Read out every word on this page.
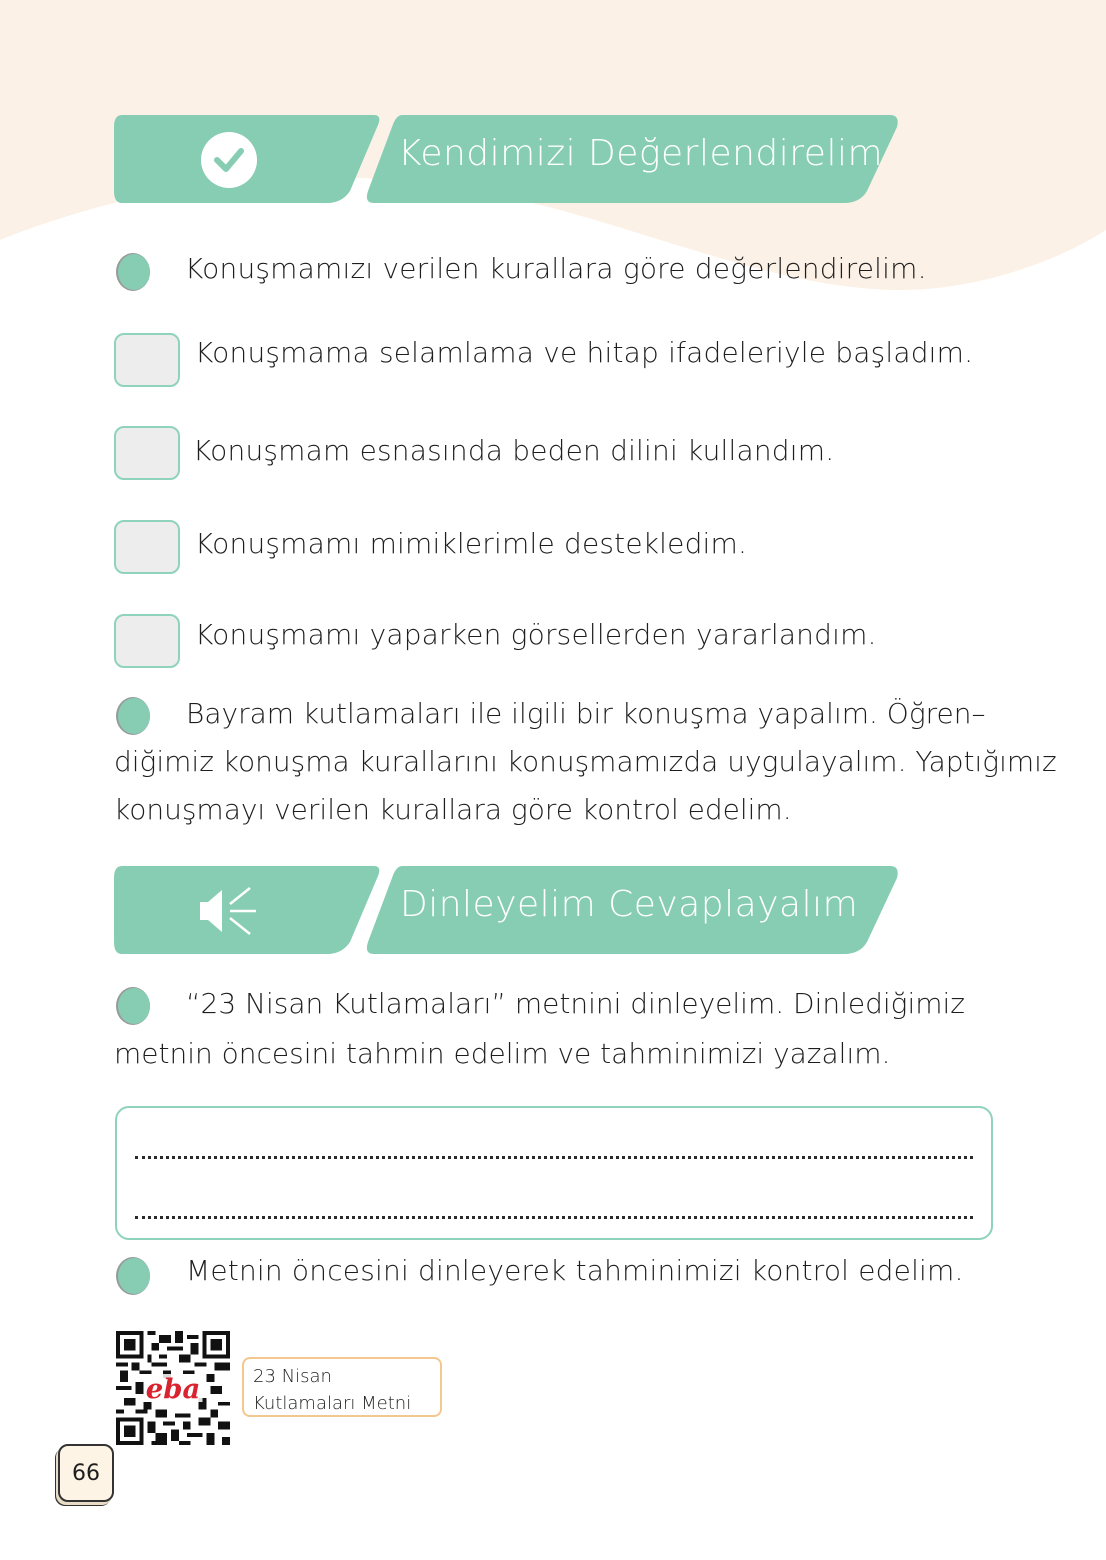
Kendimizi Değerlendirelim
Konuşmamızı verilen kurallara göre değerlendirelim.
Konuşmama selamlama ve hitap ifadeleriyle başladım.
Konuşmam esnasında beden dilini kullandım.
Konuşmamı mimiklerimle destekledim.
Konuşmamı yaparken görsellerden yararlandım.
Bayram kutlamaları ile ilgili bir konuşma yapalım. Öğren–
diğimiz konuşma kurallarını konuşmamızda uygulayalım. Yaptığımız
konuşmayı verilen kurallara göre kontrol edelim.
Dinleyelim Cevaplayalım
“23 Nisan Kutlamaları” metnini dinleyelim. Dinlediğimiz
metnin öncesini tahmin edelim ve tahminimizi yazalım.
Metnin öncesini dinleyerek tahminimizi kontrol edelim.
eba	23 Nisan
Kutlamaları Metni
66
